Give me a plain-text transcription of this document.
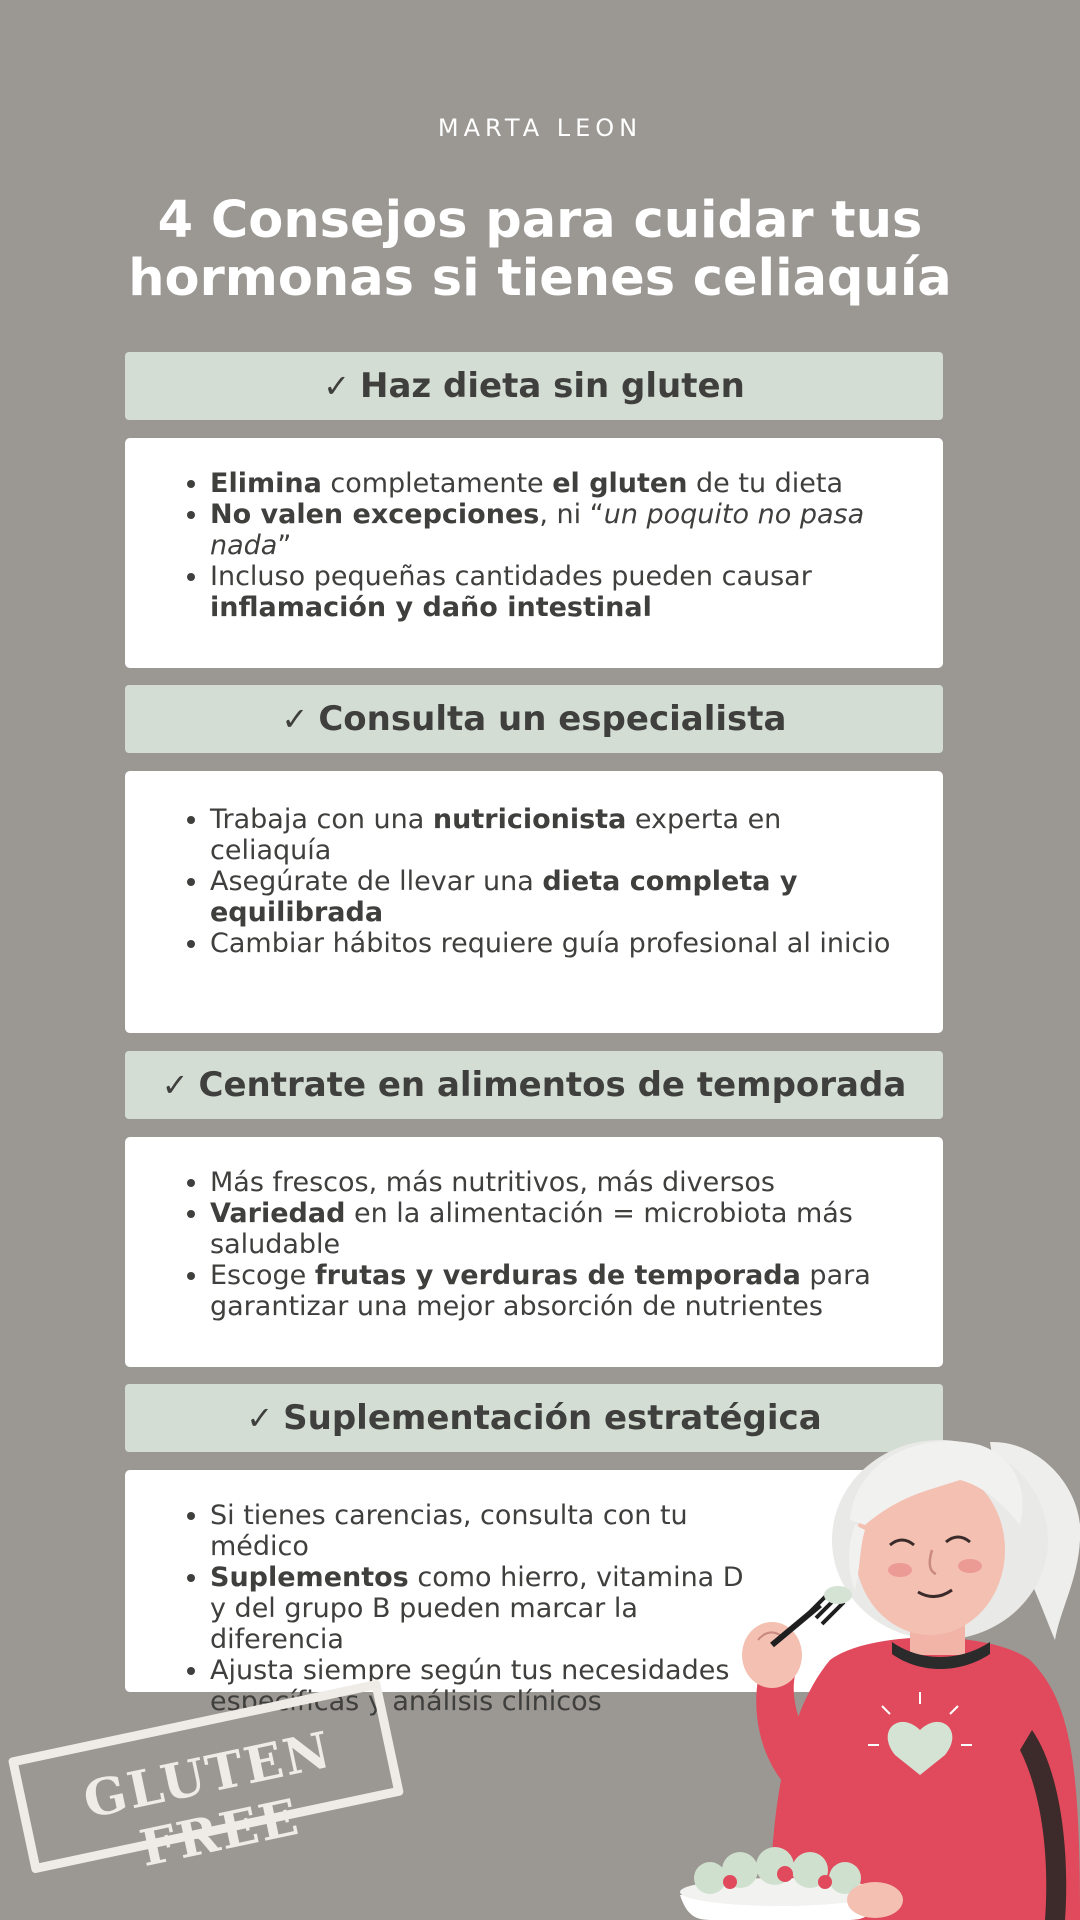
MARTA LEON
4 Consejos para cuidar tus
hormonas si tienes celiaquía
✓ Haz dieta sin gluten
• Elimina completamente el gluten de tu dieta
• No valen excepciones, ni “un poquito no pasa nada”
• Incluso pequeñas cantidades pueden causar inflamación y daño intestinal
✓ Consulta un especialista
• Trabaja con una nutricionista experta en celiaquía
• Asegúrate de llevar una dieta completa y equilibrada
• Cambiar hábitos requiere guía profesional al inicio
✓ Centrate en alimentos de temporada
• Más frescos, más nutritivos, más diversos
• Variedad en la alimentación = microbiota más saludable
• Escoge frutas y verduras de temporada para garantizar una mejor absorción de nutrientes
✓ Suplementación estratégica
• Si tienes carencias, consulta con tu médico
• Suplementos como hierro, vitamina D y del grupo B pueden marcar la diferencia
• Ajusta siempre según tus necesidades específicas y análisis clínicos
GLUTEN FREE
